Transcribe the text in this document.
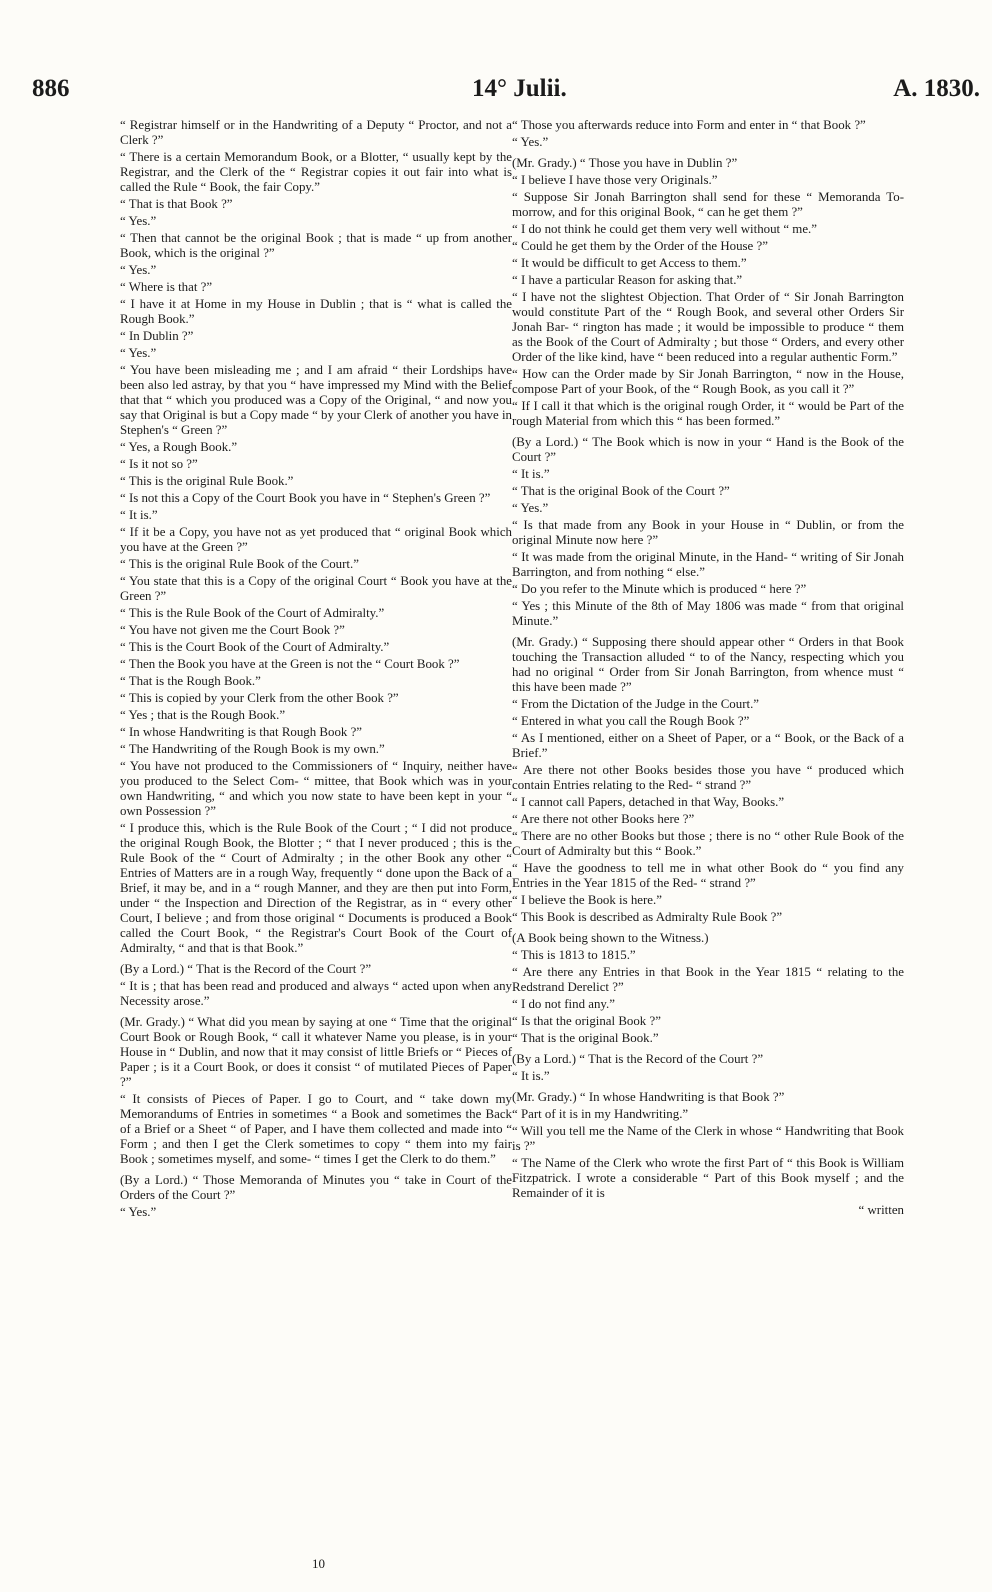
886	14° Julii.	A. 1830.

“ Registrar himself or in the Handwriting of a Deputy “ Proctor, and not a Clerk ?”

“ There is a certain Memorandum Book, or a Blotter, “ usually kept by the Registrar, and the Clerk of the “ Registrar copies it out fair into what is called the Rule “ Book, the fair Copy.”

“ That is that Book ?”

“ Yes.”

“ Then that cannot be the original Book ; that is made “ up from another Book, which is the original ?”

“ Yes.”

“ Where is that ?”

“ I have it at Home in my House in Dublin ; that is “ what is called the Rough Book.”

“ In Dublin ?”

“ Yes.”

“ You have been misleading me ; and I am afraid “ their Lordships have been also led astray, by that you “ have impressed my Mind with the Belief that that “ which you produced was a Copy of the Original, “ and now you say that Original is but a Copy made “ by your Clerk of another you have in Stephen's “ Green ?”

“ Yes, a Rough Book.”

“ Is it not so ?”

“ This is the original Rule Book.”

“ Is not this a Copy of the Court Book you have in “ Stephen's Green ?”

“ It is.”

“ If it be a Copy, you have not as yet produced that “ original Book which you have at the Green ?”

“ This is the original Rule Book of the Court.”

“ You state that this is a Copy of the original Court “ Book you have at the Green ?”

“ This is the Rule Book of the Court of Admiralty.”

“ You have not given me the Court Book ?”

“ This is the Court Book of the Court of Admiralty.”

“ Then the Book you have at the Green is not the “ Court Book ?”

“ That is the Rough Book.”

“ This is copied by your Clerk from the other Book ?”

“ Yes ; that is the Rough Book.”

“ In whose Handwriting is that Rough Book ?”

“ The Handwriting of the Rough Book is my own.”

“ You have not produced to the Commissioners of “ Inquiry, neither have you produced to the Select Com- “ mittee, that Book which was in your own Handwriting, “ and which you now state to have been kept in your “ own Possession ?”

“ I produce this, which is the Rule Book of the Court ; “ I did not produce the original Rough Book, the Blotter ; “ that I never produced ; this is the Rule Book of the “ Court of Admiralty ; in the other Book any other “ Entries of Matters are in a rough Way, frequently “ done upon the Back of a Brief, it may be, and in a “ rough Manner, and they are then put into Form, under “ the Inspection and Direction of the Registrar, as in “ every other Court, I believe ; and from those original “ Documents is produced a Book called the Court Book, “ the Registrar's Court Book of the Court of Admiralty, “ and that is that Book.”

(By a Lord.) “ That is the Record of the Court ?”

“ It is ; that has been read and produced and always “ acted upon when any Necessity arose.”

(Mr. Grady.) “ What did you mean by saying at one “ Time that the original Court Book or Rough Book, “ call it whatever Name you please, is in your House in “ Dublin, and now that it may consist of little Briefs or “ Pieces of Paper ; is it a Court Book, or does it consist “ of mutilated Pieces of Paper ?”

“ It consists of Pieces of Paper. I go to Court, and “ take down my Memorandums of Entries in sometimes “ a Book and sometimes the Back of a Brief or a Sheet “ of Paper, and I have them collected and made into “ Form ; and then I get the Clerk sometimes to copy “ them into my fair Book ; sometimes myself, and some- “ times I get the Clerk to do them.”

(By a Lord.) “ Those Memoranda of Minutes you “ take in Court of the Orders of the Court ?”

“ Yes.”

“ Those you afterwards reduce into Form and enter in “ that Book ?”

“ Yes.”

(Mr. Grady.) “ Those you have in Dublin ?”

“ I believe I have those very Originals.”

“ Suppose Sir Jonah Barrington shall send for these “ Memoranda To-morrow, and for this original Book, “ can he get them ?”

“ I do not think he could get them very well without “ me.”

“ Could he get them by the Order of the House ?”

“ It would be difficult to get Access to them.”

“ I have a particular Reason for asking that.”

“ I have not the slightest Objection. That Order of “ Sir Jonah Barrington would constitute Part of the “ Rough Book, and several other Orders Sir Jonah Bar- “ rington has made ; it would be impossible to produce “ them as the Book of the Court of Admiralty ; but those “ Orders, and every other Order of the like kind, have “ been reduced into a regular authentic Form.”

“ How can the Order made by Sir Jonah Barrington, “ now in the House, compose Part of your Book, of the “ Rough Book, as you call it ?”

“ If I call it that which is the original rough Order, it “ would be Part of the rough Material from which this “ has been formed.”

(By a Lord.) “ The Book which is now in your “ Hand is the Book of the Court ?”

“ It is.”

“ That is the original Book of the Court ?”

“ Yes.”

“ Is that made from any Book in your House in “ Dublin, or from the original Minute now here ?”

“ It was made from the original Minute, in the Hand- “ writing of Sir Jonah Barrington, and from nothing “ else.”

“ Do you refer to the Minute which is produced “ here ?”

“ Yes ; this Minute of the 8th of May 1806 was made “ from that original Minute.”

(Mr. Grady.) “ Supposing there should appear other “ Orders in that Book touching the Transaction alluded “ to of the Nancy, respecting which you had no original “ Order from Sir Jonah Barrington, from whence must “ this have been made ?”

“ From the Dictation of the Judge in the Court.”

“ Entered in what you call the Rough Book ?”

“ As I mentioned, either on a Sheet of Paper, or a “ Book, or the Back of a Brief.”

“ Are there not other Books besides those you have “ produced which contain Entries relating to the Red- “ strand ?”

“ I cannot call Papers, detached in that Way, Books.”

“ Are there not other Books here ?”

“ There are no other Books but those ; there is no “ other Rule Book of the Court of Admiralty but this “ Book.”

“ Have the goodness to tell me in what other Book do “ you find any Entries in the Year 1815 of the Red- “ strand ?”

“ I believe the Book is here.”

“ This Book is described as Admiralty Rule Book ?”

(A Book being shown to the Witness.)

“ This is 1813 to 1815.”

“ Are there any Entries in that Book in the Year 1815 “ relating to the Redstrand Derelict ?”

“ I do not find any.”

“ Is that the original Book ?”

“ That is the original Book.”

(By a Lord.) “ That is the Record of the Court ?”

“ It is.”

(Mr. Grady.) “ In whose Handwriting is that Book ?”

“ Part of it is in my Handwriting.”

“ Will you tell me the Name of the Clerk in whose “ Handwriting that Book is ?”

“ The Name of the Clerk who wrote the first Part of “ this Book is William Fitzpatrick. I wrote a considerable “ Part of this Book myself ; and the Remainder of it is

“ written

10
